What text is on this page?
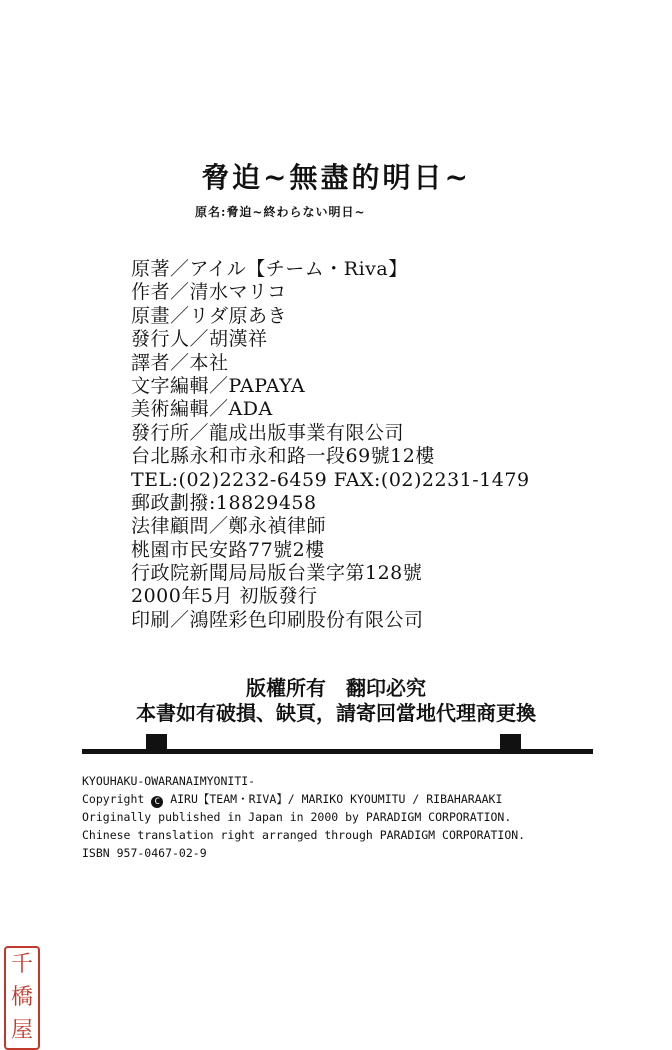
脅迫~無盡的明日~
原名:脅迫~終わらない明日~
原著／アイル【チーム・Riva】
作者／清水マリコ
原畫／リダ原あき
發行人／胡漢祥
譯者／本社
文字編輯／PAPAYA
美術編輯／ADA
發行所／龍成出版事業有限公司
台北縣永和市永和路一段69號12樓
TEL:(02)2232-6459 FAX:(02)2231-1479
郵政劃撥:18829458
法律顧問／鄭永禎律師
桃園市民安路77號2樓
行政院新聞局局版台業字第128號
2000年5月 初版發行
印刷／鴻陞彩色印刷股份有限公司
版權所有　翻印必究
本書如有破損、缺頁，請寄回當地代理商更換
KYOUHAKU-OWARANAIMYONITI-
Copyright C AIRU【TEAM・RIVA】/ MARIKO KYOUMITU / RIBAHARAAKI
Originally published in Japan in 2000 by PARADIGM CORPORATION.
Chinese translation right arranged through PARADIGM CORPORATION.
ISBN 957-0467-02-9
千
橋
屋
